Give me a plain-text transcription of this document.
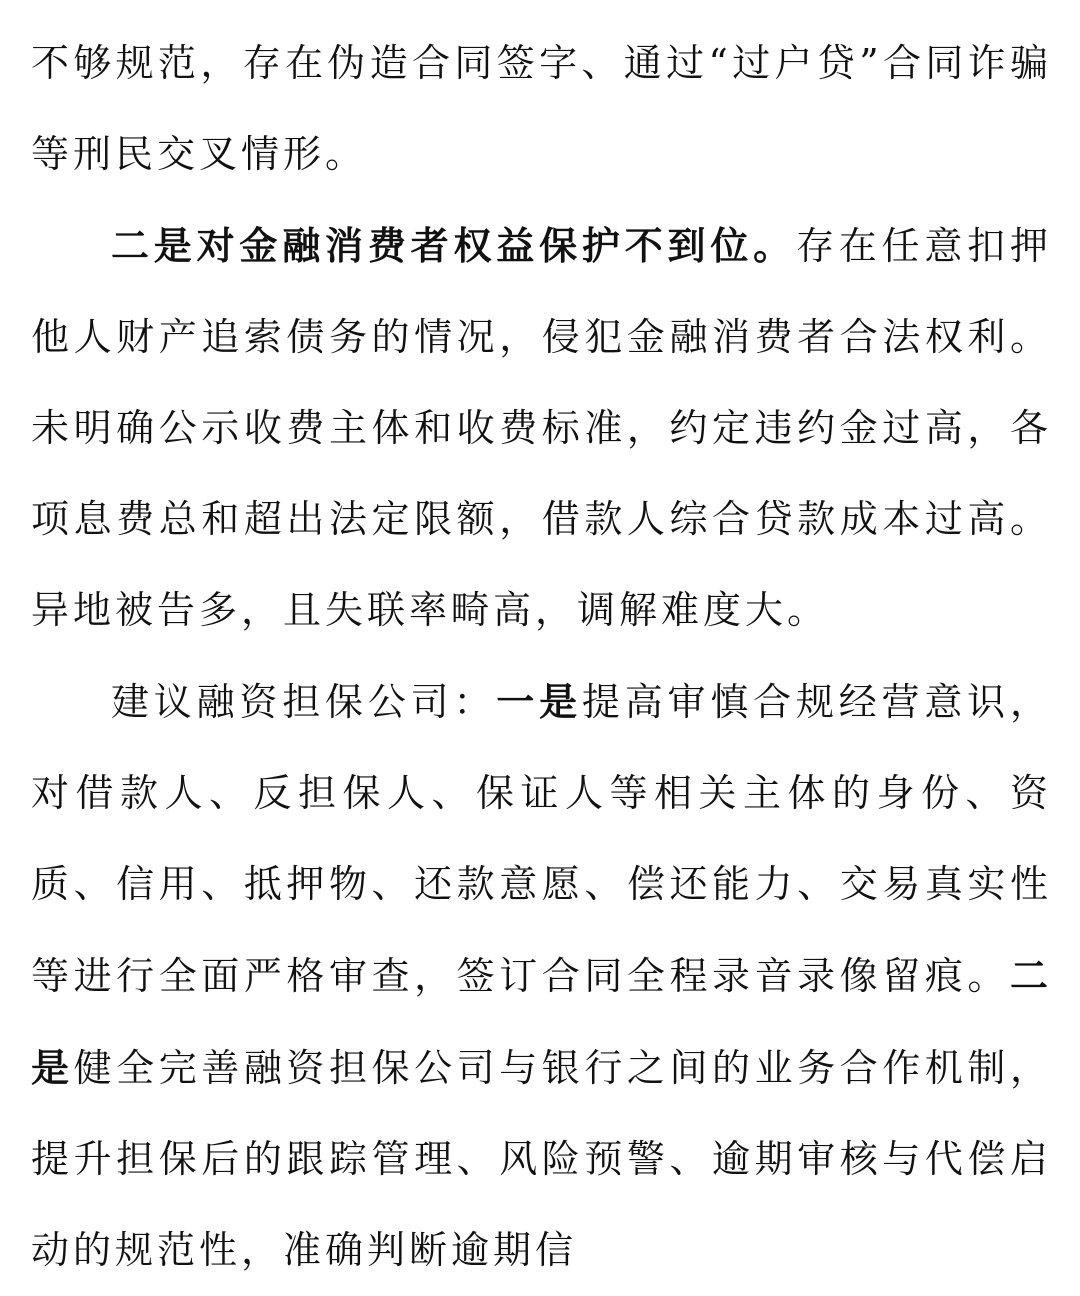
不够规范，存在伪造合同签字、通过“过户贷”合同诈骗等刑民交叉情形。

二是对金融消费者权益保护不到位。存在任意扣押他人财产追索债务的情况，侵犯金融消费者合法权利。未明确公示收费主体和收费标准，约定违约金过高，各项息费总和超出法定限额，借款人综合贷款成本过高。异地被告多，且失联率畸高，调解难度大。

建议融资担保公司：一是提高审慎合规经营意识，对借款人、反担保人、保证人等相关主体的身份、资质、信用、抵押物、还款意愿、偿还能力、交易真实性等进行全面严格审查，签订合同全程录音录像留痕。二是健全完善融资担保公司与银行之间的业务合作机制，提升担保后的跟踪管理、风险预警、逾期审核与代偿启动的规范性，准确判断逾期信
